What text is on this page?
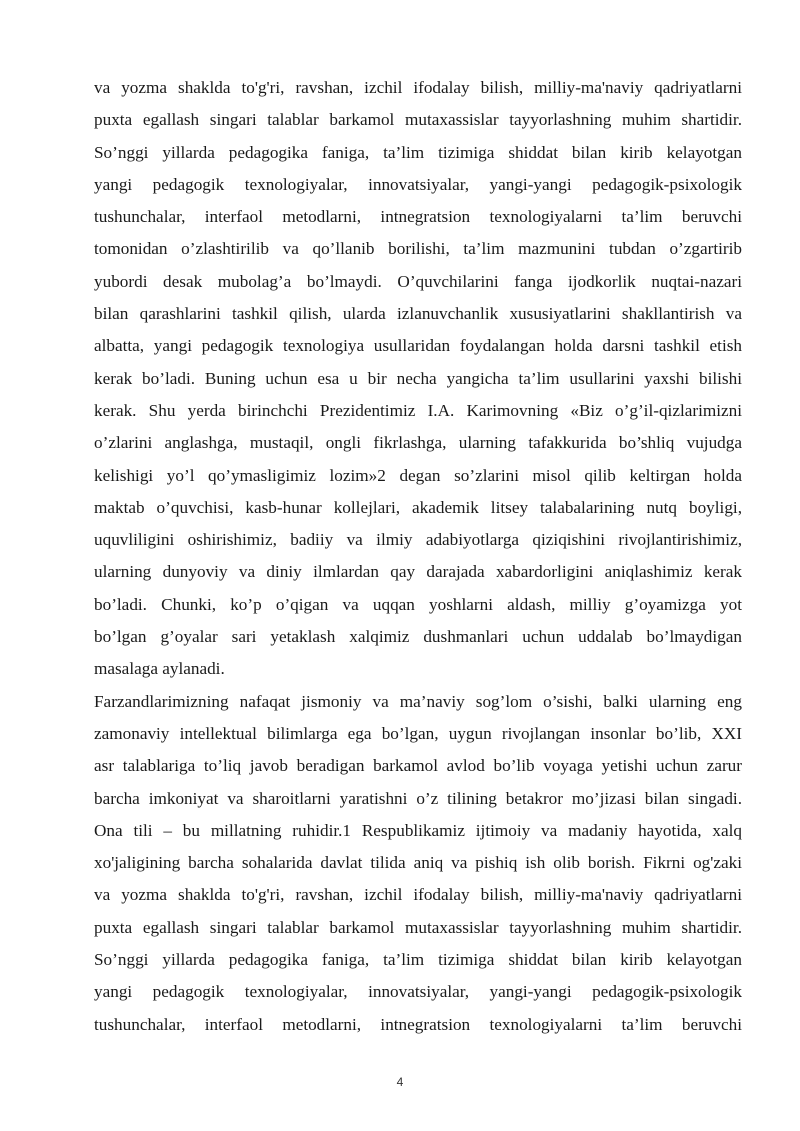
va yozma shaklda to'g'ri, ravshan, izchil ifodalay bilish, milliy-ma'naviy qadriyatlarni
puxta egallash singari talablar barkamol mutaxassislar tayyorlashning muhim shartidir.
So’nggi yillarda pedagogika faniga, ta’lim tizimiga shiddat bilan kirib kelayotgan
yangi pedagogik texnologiyalar, innovatsiyalar, yangi-yangi pedagogik-psixologik
tushunchalar, interfaol metodlarni, intnegratsion texnologiyalarni ta’lim beruvchi
tomonidan o’zlashtirilib va qo’llanib borilishi, ta’lim mazmunini tubdan o’zgartirib
yubordi desak mubolag’a bo’lmaydi. O’quvchilarini fanga ijodkorlik nuqtai-nazari
bilan qarashlarini tashkil qilish, ularda izlanuvchanlik xususiyatlarini shakllantirish va
albatta, yangi pedagogik texnologiya usullaridan foydalangan holda darsni tashkil etish
kerak bo’ladi. Buning uchun esa u bir necha yangicha ta’lim usullarini yaxshi bilishi
kerak. Shu yerda birinchchi Prezidentimiz I.A. Karimovning «Biz o’g’il-qizlarimizni
o’zlarini anglashga, mustaqil, ongli fikrlashga, ularning tafakkurida bo’shliq vujudga
kelishigi yo’l qo’ymasligimiz lozim»2 degan so’zlarini misol qilib keltirgan holda
maktab o’quvchisi, kasb-hunar kollejlari, akademik litsey talabalarining nutq boyligi,
uquvliligini oshirishimiz, badiiy va ilmiy adabiyotlarga qiziqishini rivojlantirishimiz,
ularning dunyoviy va diniy ilmlardan qay darajada xabardorligini aniqlashimiz kerak
bo’ladi. Chunki, ko’p o’qigan va uqqan yoshlarni aldash, milliy g’oyamizga yot
bo’lgan g’oyalar sari yetaklash xalqimiz dushmanlari uchun uddalab bo’lmaydigan
masalaga aylanadi.
Farzandlarimizning nafaqat jismoniy va ma’naviy sog’lom o’sishi, balki ularning eng
zamonaviy intellektual bilimlarga ega bo’lgan, uygun rivojlangan insonlar bo’lib, XXI
asr talablariga to’liq javob beradigan barkamol avlod bo’lib voyaga yetishi uchun zarur
barcha imkoniyat va sharoitlarni yaratishni o’z tilining betakror mo’jizasi bilan singadi.
Ona tili – bu millatning ruhidir.1 Respublikamiz ijtimoiy va madaniy hayotida, xalq
xo'jaligining barcha sohalarida davlat tilida aniq va pishiq ish olib borish. Fikrni og'zaki
va yozma shaklda to'g'ri, ravshan, izchil ifodalay bilish, milliy-ma'naviy qadriyatlarni
puxta egallash singari talablar barkamol mutaxassislar tayyorlashning muhim shartidir.
So’nggi yillarda pedagogika faniga, ta’lim tizimiga shiddat bilan kirib kelayotgan
yangi pedagogik texnologiyalar, innovatsiyalar, yangi-yangi pedagogik-psixologik
tushunchalar, interfaol metodlarni, intnegratsion texnologiyalarni ta’lim beruvchi
4
